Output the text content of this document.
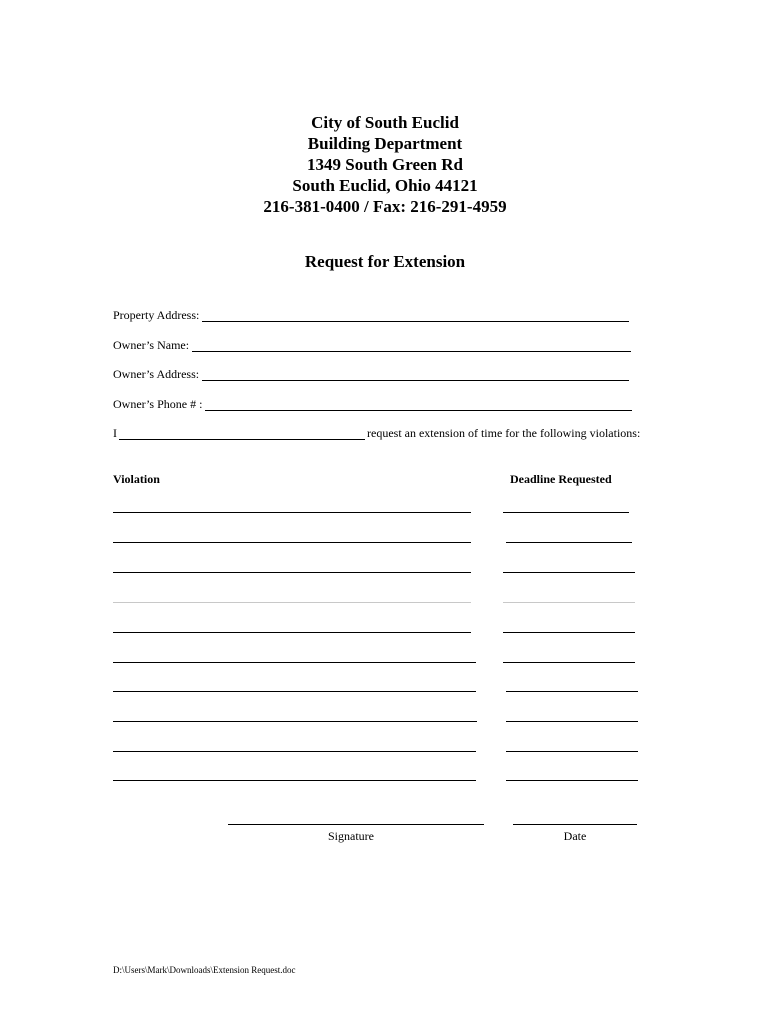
City of South Euclid
Building Department
1349 South Green Rd
South Euclid, Ohio 44121
216-381-0400 / Fax: 216-291-4959
Request for Extension
Property Address:
Owner’s Name:
Owner’s Address:
Owner’s Phone # :
I	request an extension of time for the following violations:
Violation	Deadline Requested
Signature	Date
D:\Users\Mark\Downloads\Extension Request.doc
